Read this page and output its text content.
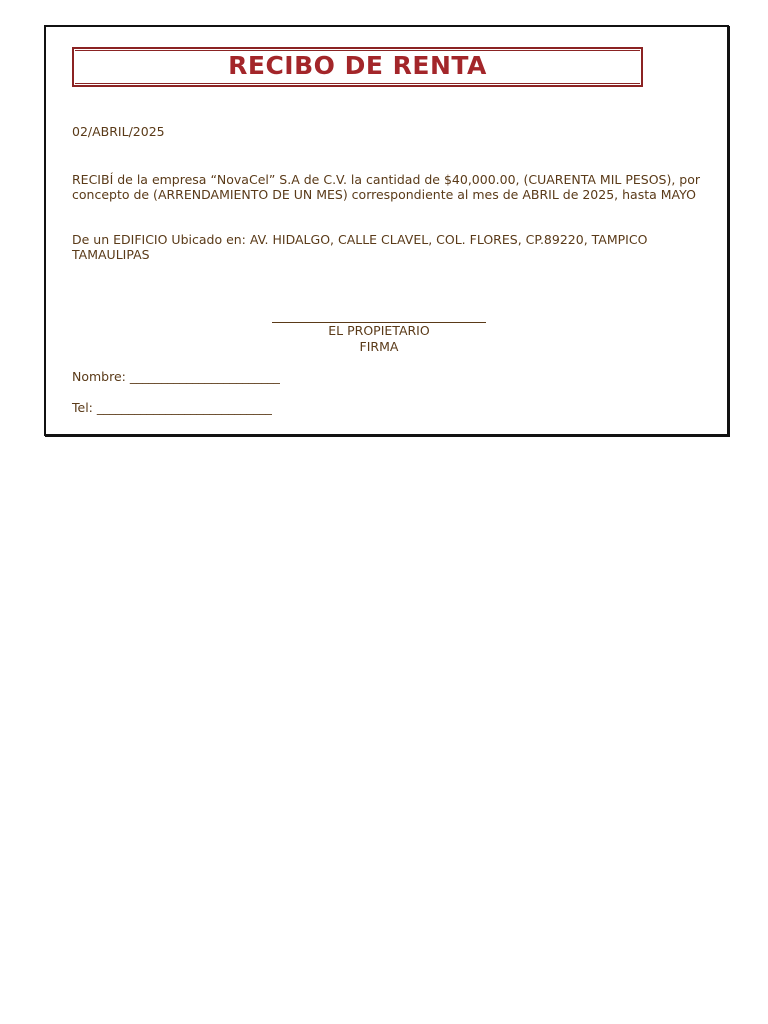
RECIBO DE RENTA
02/ABRIL/2025
RECIBÍ de la empresa “NovaCel” S.A de C.V. la cantidad de $40,000.00, (CUARENTA MIL PESOS), por concepto de (ARRENDAMIENTO DE UN MES) correspondiente al mes de ABRIL de 2025, hasta MAYO
De un EDIFICIO Ubicado en: AV. HIDALGO, CALLE CLAVEL, COL. FLORES, CP.89220, TAMPICO TAMAULIPAS
EL PROPIETARIO
FIRMA
Nombre: ________________________
Tel: ____________________________
